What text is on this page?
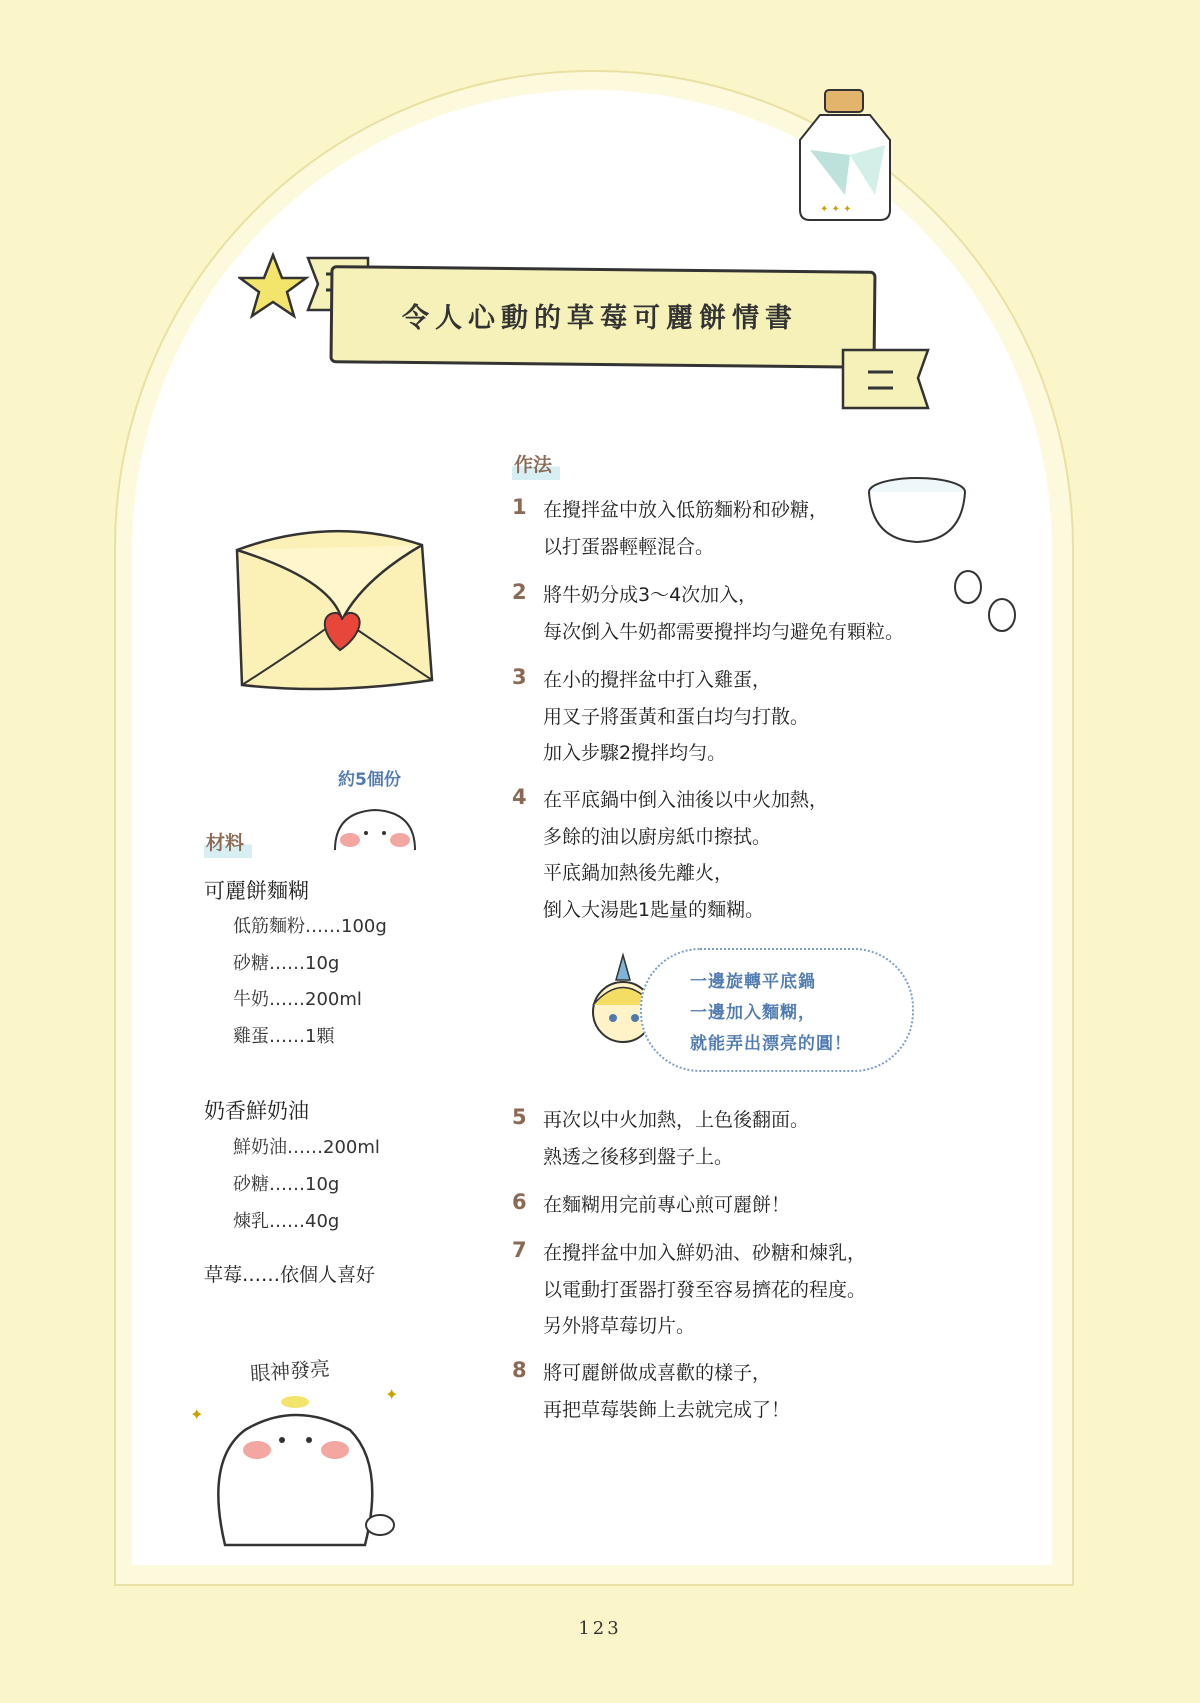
✦ ✦ ✦
令人心動的草莓可麗餅情書
約5個份
材料
可麗餅麵糊
低筋麵粉……100g
砂糖……10g
牛奶……200ml
雞蛋……1顆
奶香鮮奶油
鮮奶油……200ml
砂糖……10g
煉乳……40g
草莓……依個人喜好
眼神發亮
✦
✦
作法
1 在攪拌盆中放入低筋麵粉和砂糖，
以打蛋器輕輕混合。
2 將牛奶分成3～4次加入，
每次倒入牛奶都需要攪拌均勻避免有顆粒。
3 在小的攪拌盆中打入雞蛋，
用叉子將蛋黃和蛋白均勻打散。
加入步驟2攪拌均勻。
4 在平底鍋中倒入油後以中火加熱，
多餘的油以廚房紙巾擦拭。
平底鍋加熱後先離火，
倒入大湯匙1匙量的麵糊。
5 再次以中火加熱，上色後翻面。
熟透之後移到盤子上。
6 在麵糊用完前專心煎可麗餅！
7 在攪拌盆中加入鮮奶油、砂糖和煉乳，
以電動打蛋器打發至容易擠花的程度。
另外將草莓切片。
8 將可麗餅做成喜歡的樣子，
再把草莓裝飾上去就完成了！
一邊旋轉平底鍋
一邊加入麵糊，
就能弄出漂亮的圓！
123
